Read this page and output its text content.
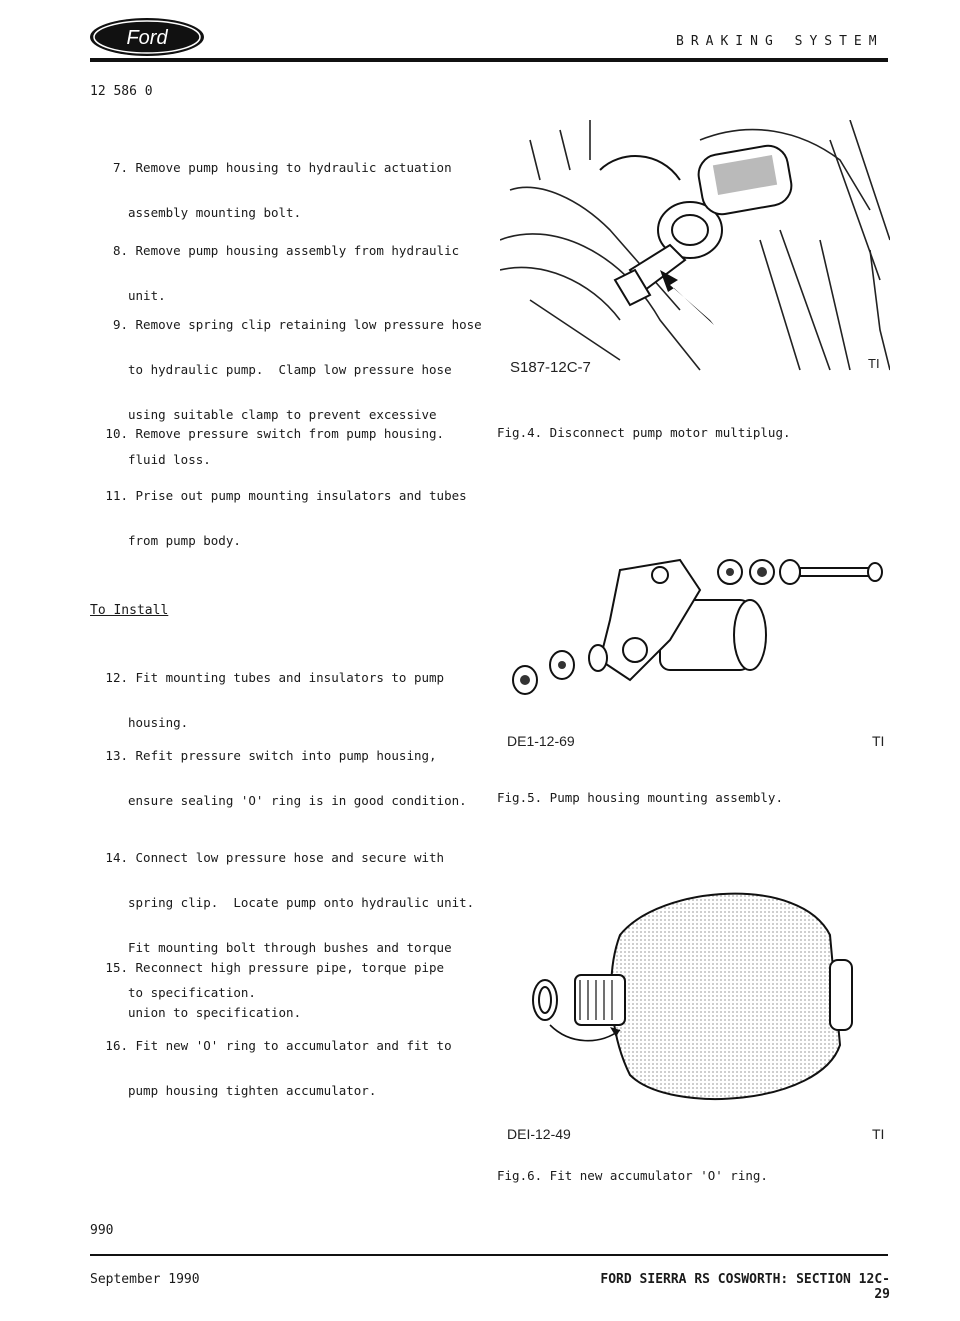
Ford	BRAKING SYSTEM
12 586 0

7. Remove pump housing to hydraulic actuation

assembly mounting bolt.

8. Remove pump housing assembly from hydraulic

unit.

9. Remove spring clip retaining low pressure hose

to hydraulic pump.  Clamp low pressure hose

using suitable clamp to prevent excessive

fluid loss.

10. Remove pressure switch from pump housing.

11. Prise out pump mounting insulators and tubes

from pump body.

To Install

12. Fit mounting tubes and insulators to pump

housing.

13. Refit pressure switch into pump housing,

ensure sealing 'O' ring is in good condition.

14. Connect low pressure hose and secure with

spring clip.  Locate pump onto hydraulic unit.

Fit mounting bolt through bushes and torque

to specification.

15. Reconnect high pressure pipe, torque pipe

union to specification.

16. Fit new 'O' ring to accumulator and fit to

pump housing tighten accumulator.

S187-12C-7	TI
Fig.4. Disconnect pump motor multiplug.
DE1-12-69	TI
Fig.5. Pump housing mounting assembly.
DEI-12-49	TI
Fig.6. Fit new accumulator 'O' ring.
990
September 1990	FORD SIERRA RS COSWORTH: SECTION 12C-29
